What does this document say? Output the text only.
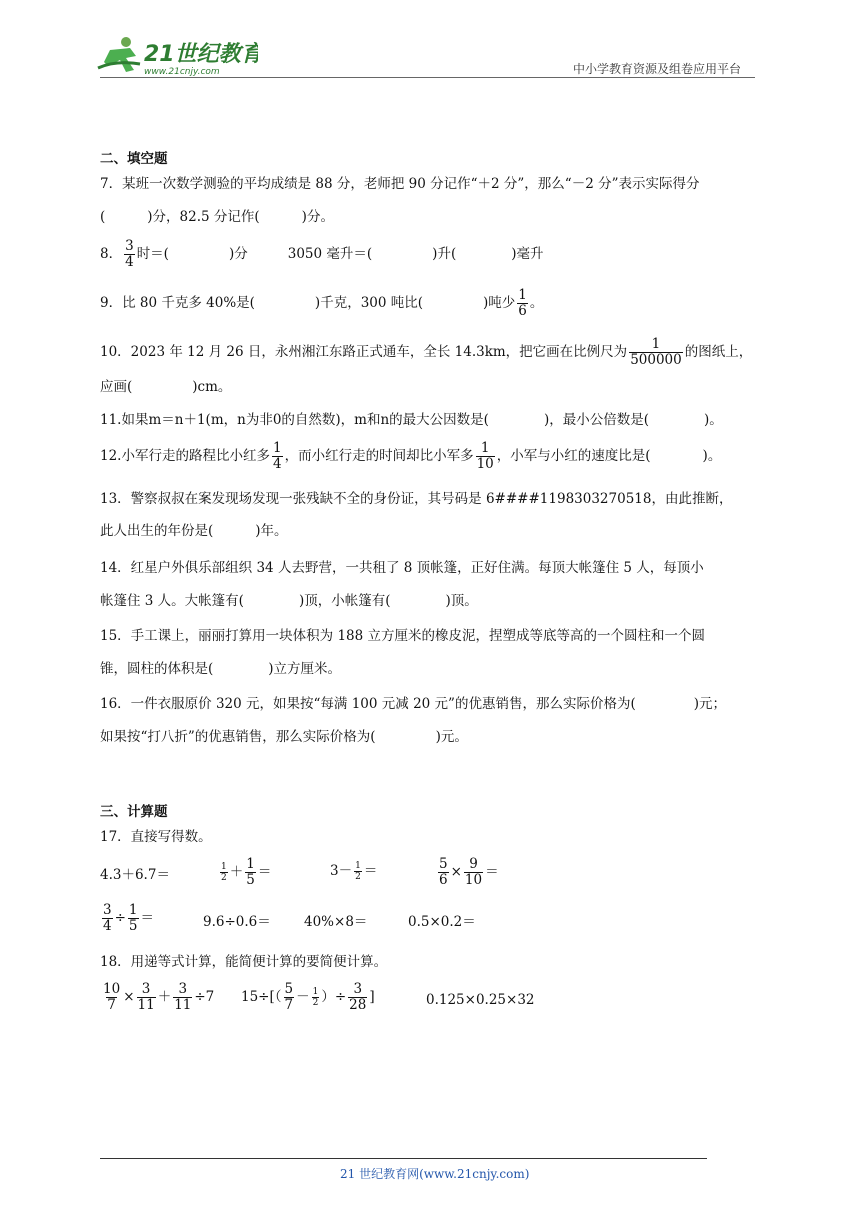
21世纪教育
www.21cnjy.com	中小学教育资源及组卷应用平台
二、填空题
7．某班一次数学测验的平均成绩是 88 分，老师把 90 分记作“＋2 分”，那么“－2 分”表示实际得分
(	)分，82.5 分记作(	)分。
8． $\frac{3}{4}$ 时＝(	)分	3050 毫升＝(	)升(	)毫升
9．比 80 千克多 40%是(	)千克，300 吨比(	)吨少 $\frac{1}{6}$ 。
10．2023 年 12 月 26 日，永州湘江东路正式通车，全长 14.3km，把它画在比例尺为 $\frac{1}{500000}$ 的图纸上，
应画(	)cm。
11.如果m＝n＋1(m，n为非0的自然数)，m和n的最大公因数是(	)，最小公倍数是(	)。
12.小军行走的路程比小红多 $\frac{1}{4}$ ，而小红行走的时间却比小军多 $\frac{1}{10}$ ，小军与小红的速度比是(	)。
13．警察叔叔在案发现场发现一张残缺不全的身份证，其号码是 6####1198303270518，由此推断，
此人出生的年份是(	)年。
14．红星户外俱乐部组织 34 人去野营，一共租了 8 顶帐篷，正好住满。每顶大帐篷住 5 人，每顶小
帐篷住 3 人。大帐篷有(	)顶，小帐篷有(	)顶。
15．手工课上，丽丽打算用一块体积为 188 立方厘米的橡皮泥，捏塑成等底等高的一个圆柱和一个圆
锥，圆柱的体积是(	)立方厘米。
16．一件衣服原价 320 元，如果按“每满 100 元减 20 元”的优惠销售，那么实际价格为(	)元；
如果按“打八折”的优惠销售，那么实际价格为(	)元。
三、计算题
17．直接写得数。
4.3＋6.7＝	$\frac{1}{2} + \frac{1}{5}$ ＝	$3- \frac{1}{2}$ ＝	$\frac{5}{6} \times \frac{9}{10}$ ＝
$\frac{3}{4} \div \frac{1}{5}$ ＝	9.6÷0.6＝ 40%×8＝	0.5×0.2＝
18．用递等式计算，能简便计算的要简便计算。
$\frac{10}{7} \times \frac{3}{11} + \frac{3}{11} \div 7$ $15\div[( \frac{5}{7} - \frac{1}{2}$ ）÷ $\frac{3}{28}$ ]	0.125×0.25×32
21 世纪教育网(www.21cnjy.com)
